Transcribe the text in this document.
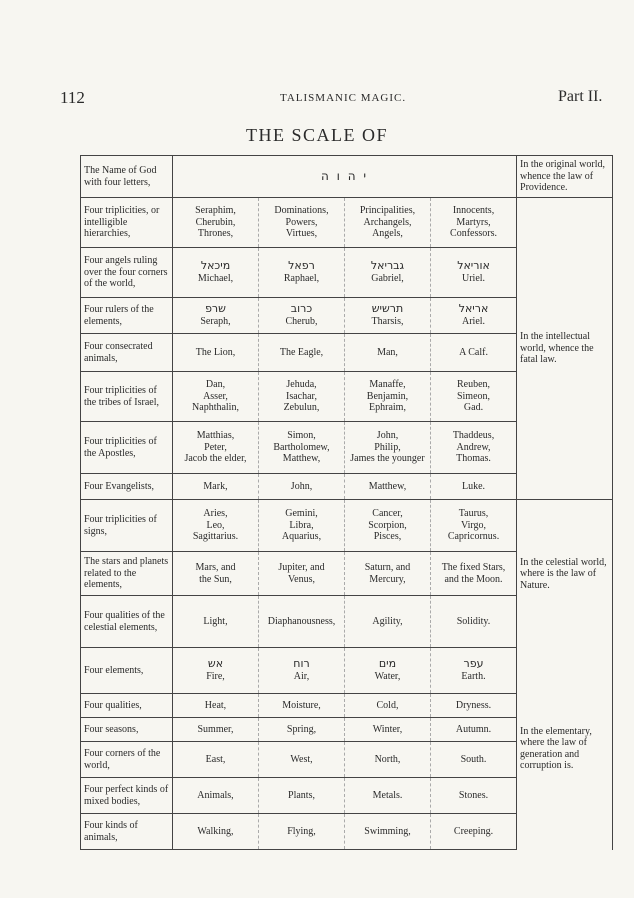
112	TALISMANIC MAGIC.	Part II.
THE SCALE OF
The Name of God with four letters,	י ה ו ה				In the original world, whence the law of Providence.
Four triplicities, or intelligible hierarchies,	Seraphim,
Cherubin,
Thrones,	Dominations,
Powers,
Virtues,	Principalities,
Archangels,
Angels,	Innocents,
Martyrs,
Confessors.	In the intellectual world, whence the fatal law.
Four angels ruling over the four corners of the world,	מיכאל
Michael,	רפאל
Raphael,	גבריאל
Gabriel,	אוריאל
Uriel.	

Four rulers of the elements,	שרפ
Seraph,	כרוב
Cherub,	תרשיש
Tharsis,	אריאל
Ariel.	

Four consecrated animals,	The Lion,	The Eagle,	Man,	A Calf.	

Four triplicities of the tribes of Israel,	Dan,
Asser,
Naphthalin,	Jehuda,
Isachar,
Zebulun,	Manaffe,
Benjamin,
Ephraim,	Reuben,
Simeon,
Gad.	

Four triplicities of the Apostles,	Matthias,
Peter,
Jacob the elder,	Simon,
Bartholomew,
Matthew,	John,
Philip,
James the younger	Thaddeus,
Andrew,
Thomas.	

Four Evangelists,	Mark,	John,	Matthew,	Luke.	

Four triplicities of signs,	Aries,
Leo,
Sagittarius.	Gemini,
Libra,
Aquarius,	Cancer,
Scorpion,
Pisces,	Taurus,
Virgo,
Capricornus.	In the celestial world, where is the law of Nature.
The stars and planets related to the elements,	Mars, and
the Sun,	Jupiter, and
Venus,	Saturn, and
Mercury,	The fixed Stars,
and the Moon.	

Four qualities of the celestial elements,	Light,	Diaphanousness,	Agility,	Solidity.	

Four elements,	אש
Fire,	רוח
Air,	מים
Water,	עפר
Earth.	In the elementary, where the law of generation and corruption is.
Four qualities,	Heat,	Moisture,	Cold,	Dryness.	

Four seasons,	Summer,	Spring,	Winter,	Autumn.	

Four corners of the world,	East,	West,	North,	South.	

Four perfect kinds of mixed bodies,	Animals,	Plants,	Metals.	Stones.	

Four kinds of animals,	Walking,	Flying,	Swimming,	Creeping.	
